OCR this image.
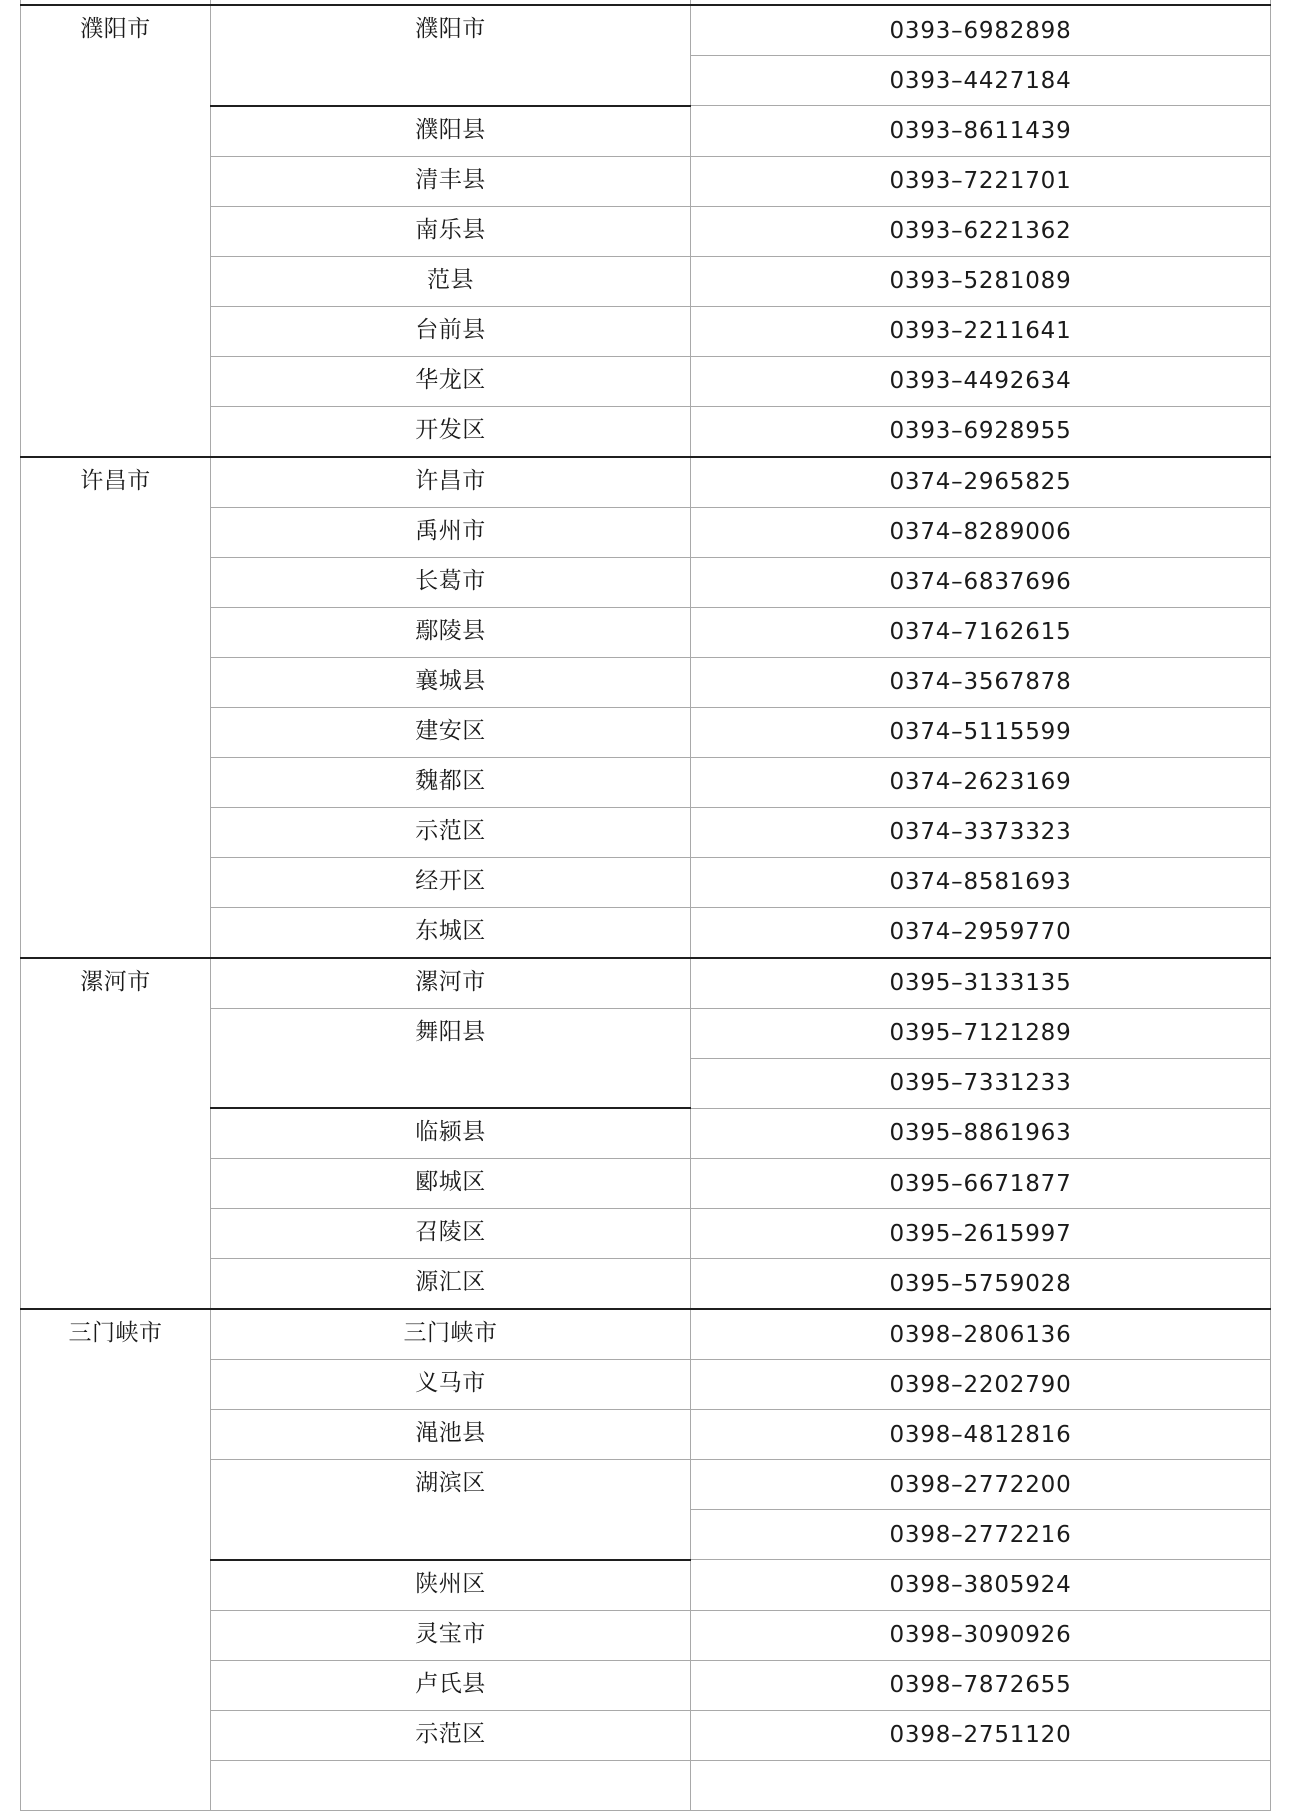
濮阳市	濮阳市	0393–6982898
		0393–4427184
	濮阳县	0393–8611439
	清丰县	0393–7221701
	南乐县	0393–6221362
	范县	0393–5281089
	台前县	0393–2211641
	华龙区	0393–4492634
	开发区	0393–6928955
许昌市	许昌市	0374–2965825
	禹州市	0374–8289006
	长葛市	0374–6837696
	鄢陵县	0374–7162615
	襄城县	0374–3567878
	建安区	0374–5115599
	魏都区	0374–2623169
	示范区	0374–3373323
	经开区	0374–8581693
	东城区	0374–2959770
漯河市	漯河市	0395–3133135
	舞阳县	0395–7121289
		0395–7331233
	临颍县	0395–8861963
	郾城区	0395–6671877
	召陵区	0395–2615997
	源汇区	0395–5759028
三门峡市	三门峡市	0398–2806136
	义马市	0398–2202790
	渑池县	0398–4812816
	湖滨区	0398–2772200
		0398–2772216
	陕州区	0398–3805924
	灵宝市	0398–3090926
	卢氏县	0398–7872655
	示范区	0398–2751120
